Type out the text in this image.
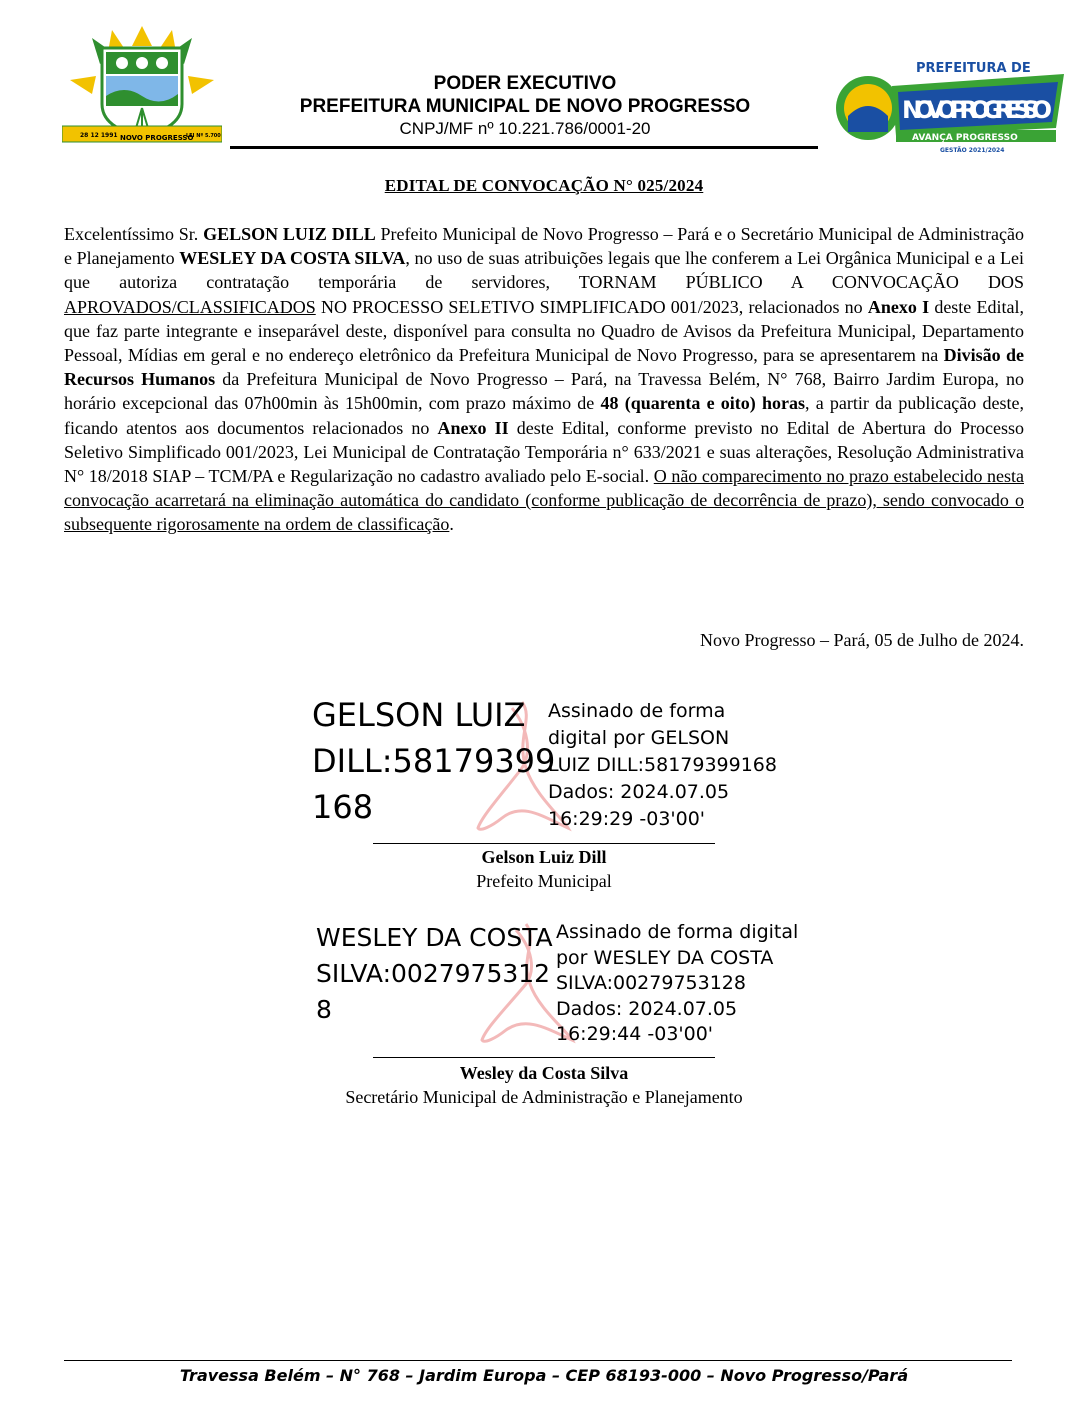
28 12 1991 NOVO PROGRESSO
LEI Nº 5.700
PODER EXECUTIVO
PREFEITURA MUNICIPAL DE NOVO PROGRESSO
CNPJ/MF nº 10.221.786/0001-20
PREFEITURA DE
NOVO PROGRESSO
AVANÇA PROGRESSO
GESTÃO 2021/2024
EDITAL DE CONVOCAÇÃO N° 025/2024
Excelentíssimo Sr. GELSON LUIZ DILL Prefeito Municipal de Novo Progresso – Pará e o Secretário Municipal de Administração e Planejamento WESLEY DA COSTA SILVA, no uso de suas atribuições legais que lhe conferem a Lei Orgânica Municipal e a Lei que autoriza contratação temporária de servidores, TORNAM PÚBLICO A CONVOCAÇÃO DOS APROVADOS/CLASSIFICADOS NO PROCESSO SELETIVO SIMPLIFICADO 001/2023, relacionados no Anexo I deste Edital, que faz parte integrante e inseparável deste, disponível para consulta no Quadro de Avisos da Prefeitura Municipal, Departamento Pessoal, Mídias em geral e no endereço eletrônico da Prefeitura Municipal de Novo Progresso, para se apresentarem na Divisão de Recursos Humanos da Prefeitura Municipal de Novo Progresso – Pará, na Travessa Belém, N° 768, Bairro Jardim Europa, no horário excepcional das 07h00min às 15h00min, com prazo máximo de 48 (quarenta e oito) horas, a partir da publicação deste, ficando atentos aos documentos relacionados no Anexo II deste Edital, conforme previsto no Edital de Abertura do Processo Seletivo Simplificado 001/2023, Lei Municipal de Contratação Temporária n° 633/2021 e suas alterações, Resolução Administrativa N° 18/2018 SIAP – TCM/PA e Regularização no cadastro avaliado pelo E-social. O não comparecimento no prazo estabelecido nesta convocação acarretará na eliminação automática do candidato (conforme publicação de decorrência de prazo), sendo convocado o subsequente rigorosamente na ordem de classificação.
Novo Progresso – Pará, 05 de Julho de 2024.
GELSON LUIZ
DILL:58179399
168
Assinado de forma
digital por GELSON
LUIZ DILL:58179399168
Dados: 2024.07.05
16:29:29 -03'00'
Gelson Luiz Dill
Prefeito Municipal
WESLEY DA COSTA
SILVA:0027975312
8
Assinado de forma digital
por WESLEY DA COSTA
SILVA:00279753128
Dados: 2024.07.05
16:29:44 -03'00'
Wesley da Costa Silva
Secretário Municipal de Administração e Planejamento
Travessa Belém – N° 768 – Jardim Europa – CEP 68193-000 – Novo Progresso/Pará
